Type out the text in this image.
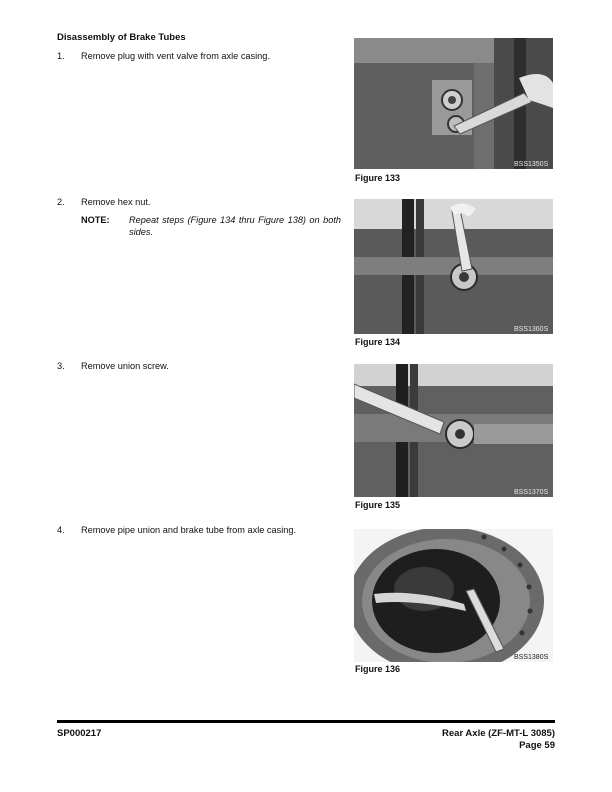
Disassembly of Brake Tubes
1. Remove plug with vent valve from axle casing.
2. Remove hex nut.
NOTE: Repeat steps (Figure 134 thru Figure 138) on both sides.
3. Remove union screw.
4. Remove pipe union and brake tube from axle casing.
BSS1350S
Figure 133
BSS1360S
Figure 134
BSS1370S
Figure 135
BSS1380S
Figure 136
SP000217	Rear Axle (ZF-MT-L 3085)
Page 59
